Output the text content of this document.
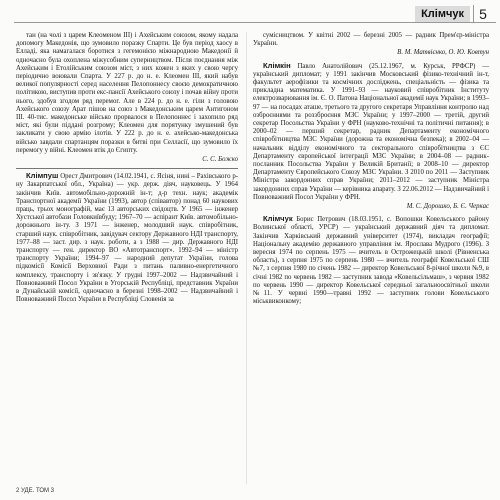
Клімчук	5

тан (на чолі з царем Клеоменом ІІІ) і Ахейським союзом, якому надала допомогу Македонія, що зумовило поразку Спарти. Це був період хаосу в Елладі, яка намагалася боротися з гегемонією міжнародною Македонії й одночасно була охоплена міжусобним суперництвом. Після поєднання між Ахейським і Етолійським союзом міст, з них кожен з яких у свою чергу періодично воювали Спарта. У 227 р. до н. е. Клеомен ІІІ, який набув великої популярності серед населення Пелопоннесу своєю демократичною політикою, виступив проти екс-пансії Ахейського союзу і почав війну проти нього, здобув згодом ряд перемог. Але в 224 р. до н. е. гіли з головою Ахейського союзу Арат пішов на союз з Македонським царем Антигоном ІІІ. 40-тис. македонське військо прорвалося в Пелопоннес і захопило ряд міст, які були піддані розгрому; Клеомен для порятунку змушений був закликати у свою армію ілотів. У 222 р. до н. е. ахейсько-македонська військо завдали спартанцям поразки в битві при Селласії, що зумовило їх перемогу у війні. Клеомен втік до Єгипту.

С. С. Божко

Клімпуш Орест Дмитрович (14.02.1941, с. Ясіня, нині – Рахівського р-ну Закарпатської обл., Україна) — укр. держ. діяч, науковець. У 1964 закінчив Київ. автомобільно-дорожній ін-т; д-р техн. наук; академік Транспортної академії України (1993), автор (співавтор) понад 60 наукових праць, трьох монографій, має 13 авторських свідоцтв. У 1965 — інженер Хустської автобази Головкиївбуду; 1967–70 — аспірант Київ. автомобільно-дорожнього ін-ту. З 1971 — інженер, молодший наук. співробітник, старший наук. співробітник, завідувач сектору Державного НДІ транспорту, 1977–88 — заст. дир. з наук. роботи, а з 1988 — дир. Державного НДІ транспорту — ген. директор ВО «Автотранспорт». 1992–94 — міністр транспорту України; 1994–97 — народний депутат України, голова підкомісії Комісії Верховної Ради з питань паливно-енергетичного комплексу, транспорту і зв'язку. У грудні 1997–2002 — Надзвичайний і Повноважний Посол України в Угорській Республіці, представник України в Дунайській комісії, одночасно в березні 1998–2002 — Надзвичайний і Повноважний Посол України в Республіці Словенія за

сумісництвом. У квітні 2002 — березні 2005 — радник Прем'єр-міністра України.

В. М. Матвієнко, О. Ю. Ковтун

Клімкін Павло Анатолійович (25.12.1967, м. Курськ, РРФСР) — український дипломат; у 1991 закінчив Московський фізико-технічний ін-т, факультет аерофізики та космічних досліджень, спеціальність — фізика та прикладна математика. У 1991–93 — науковий співробітник Інституту електрозварювання ім. Є. О. Патона Національної академії наук України; в 1993–97 — на посадах аташе, третього та другого секретаря Управління контролю над озброєннями та роззброєння МЗС України; у 1997–2000 — третій, другий секретар Посольства України у ФРН (науково-технічні та політичні питання); в 2000–02 — перший секретар, радник Департаменту економічного співробітництва МЗС України (дорожна та економічна безпека); в 2002–04 — начальник відділу економічного та секторального співробітництва з ЄС Департаменту європейської інтеграції МЗС України; в 2004–08 — радник-посланник Посольства України у Великій Британії; в 2008–10 — директор Департаменту Європейського Союзу МЗС України. З 2010 по 2011 — Заступник Міністра закордонних справ України; 2011–2012 — заступник Міністра закордонних справ України — керівника апарату. З 22.06.2012 — Надзвичайний і Повноважний Посол України у ФРН.

М. С. Дорошко, Б. Є. Черкас

Клімчук Борис Петрович (18.03.1951, с. Вопошки Ковельського району Волинської області, УРСР) — український державний діяч та дипломат. Закінчив Харківський державний університет (1974), викладач географії; Національну академію державного управління ім. Ярослава Мудрого (1996). З вересня 1974 по серпень 1975 — вчитель в Острожецькій школі (Рівненська область), з серпня 1975 по серпень 1980 — вчитель географії Ковельської СШ №7, з серпня 1980 по січень 1982 — директор Ковельської 8-річної школи №9, в січні 1982 по червень 1982 — заступник завода «Ковельсільмаш», з червня 1982 по червень 1990 — директор Ковельської середньої загальноосвітньої школи №11. У червні 1990—травні 1992 — заступник голови Ковельського міськвиконкому;

2 УДЕ. ТОМ 3
